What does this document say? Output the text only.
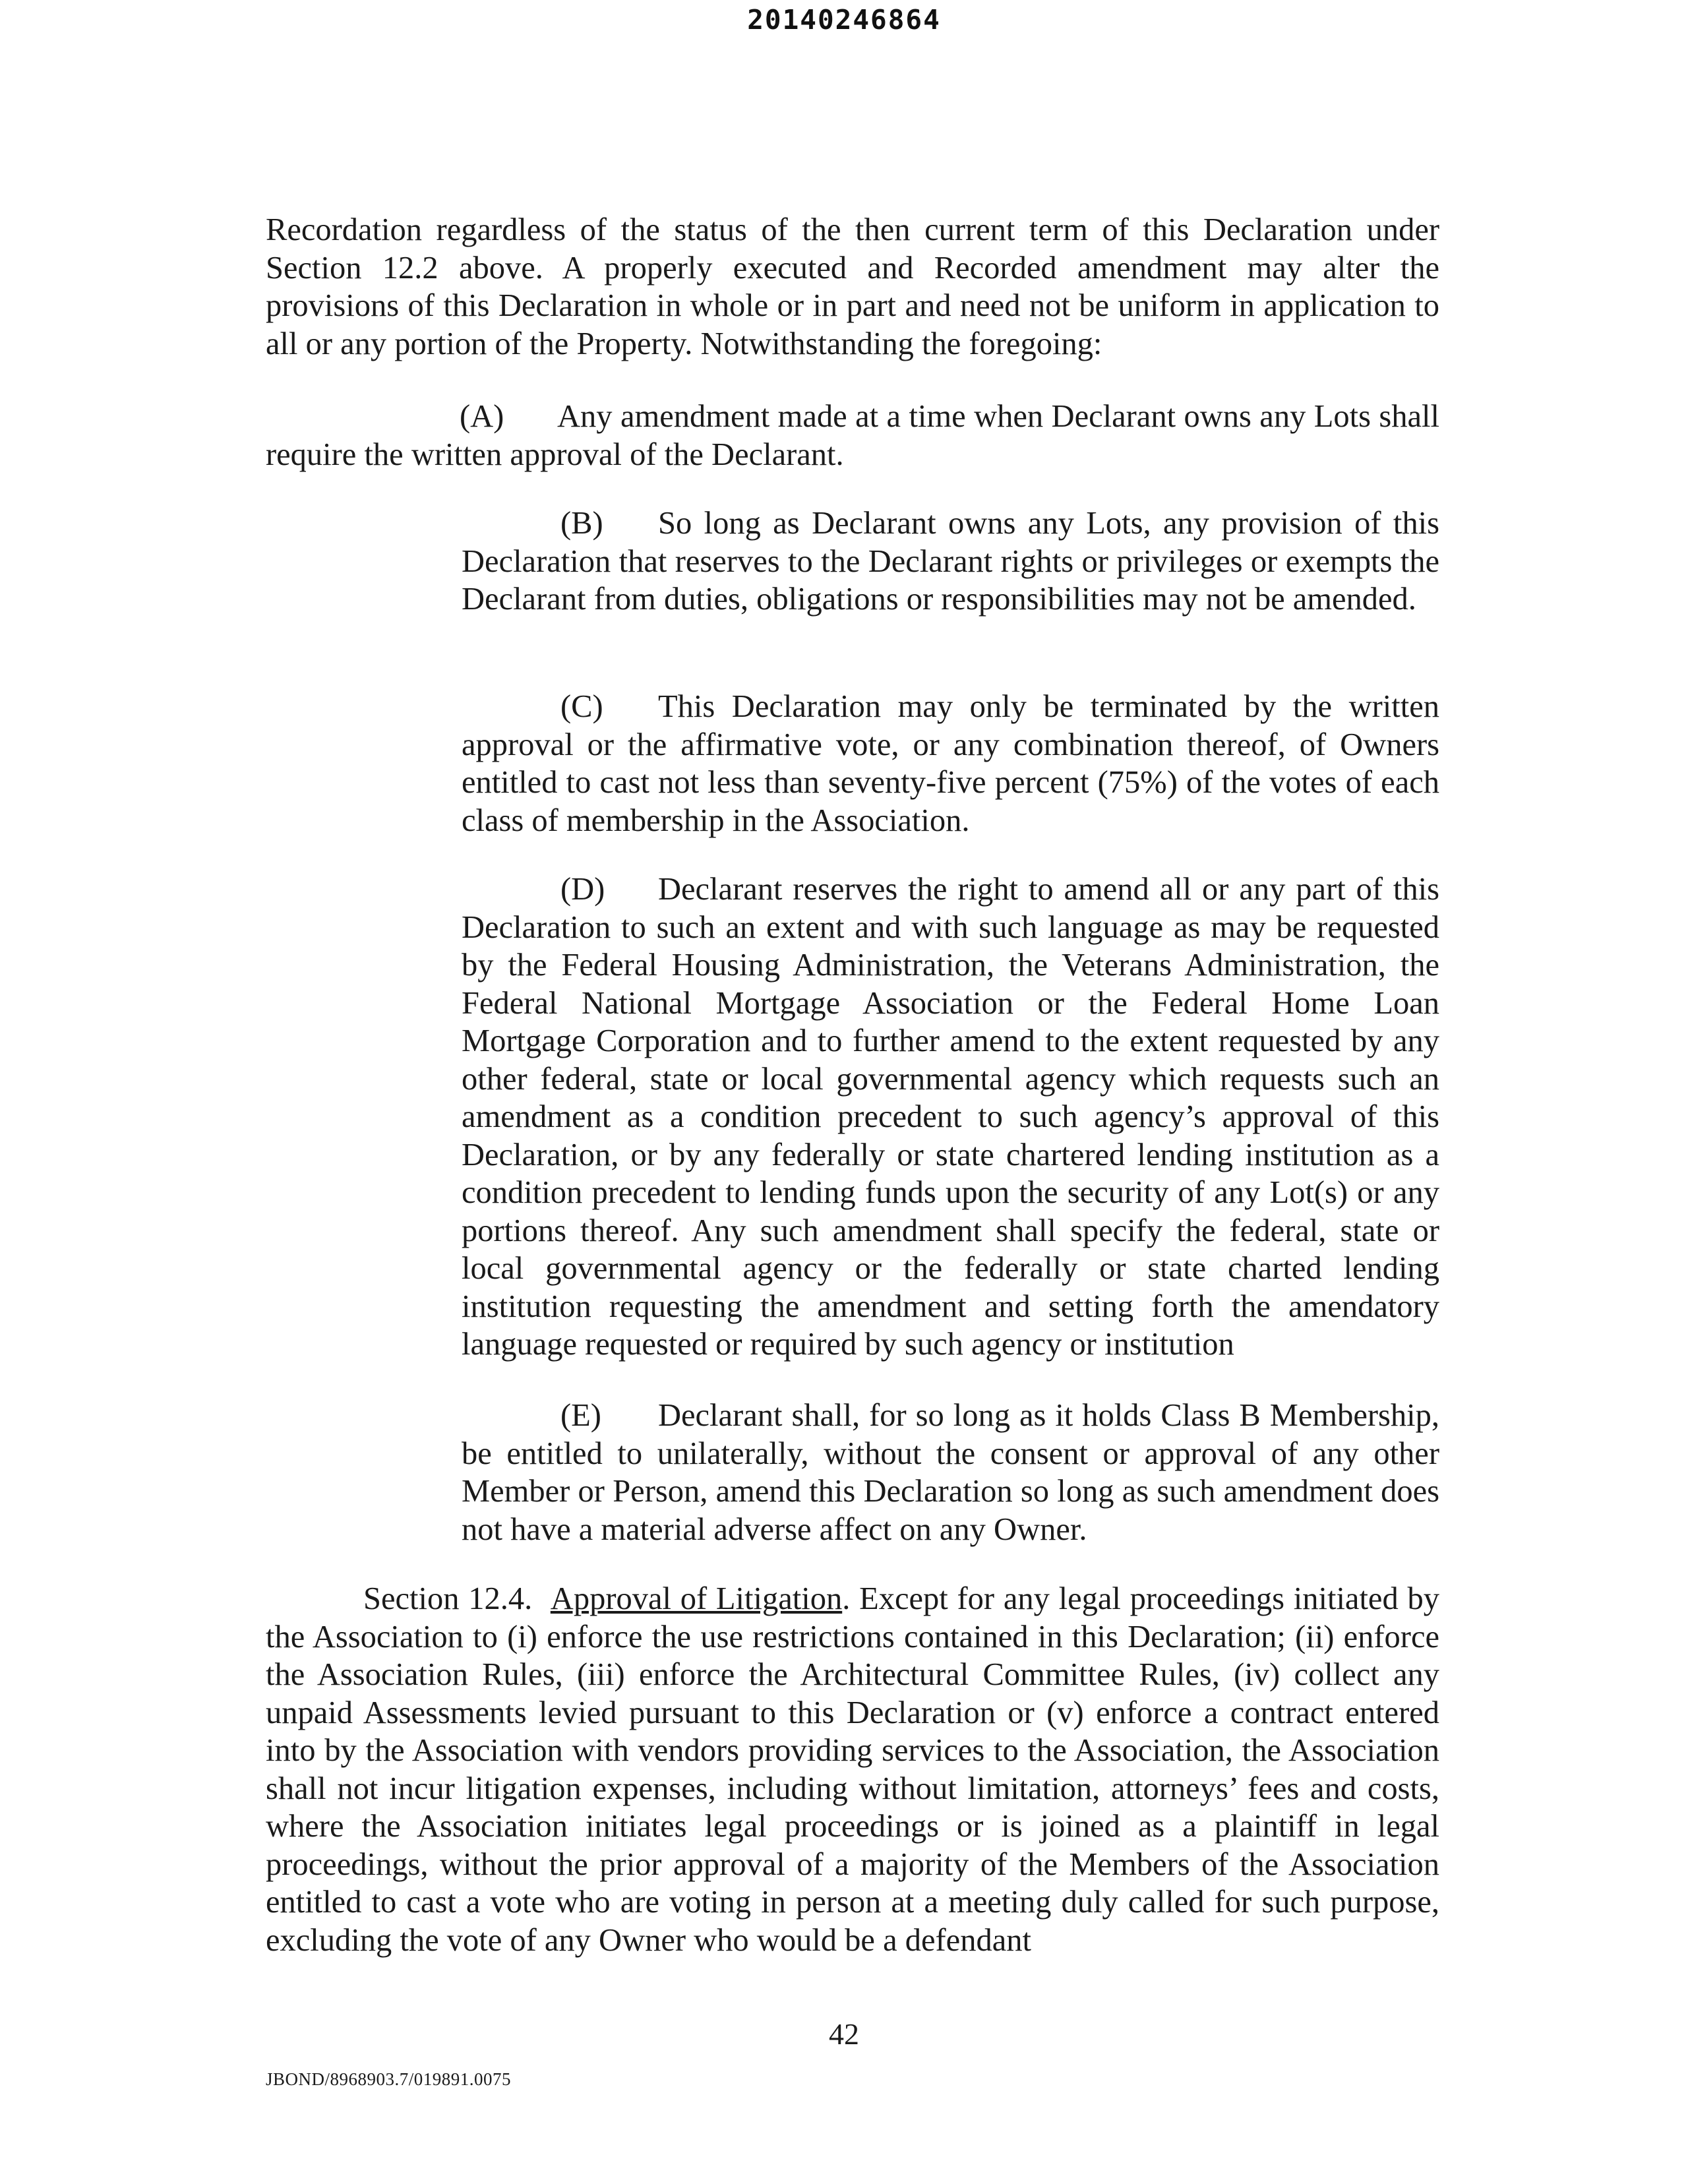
20140246864
Recordation regardless of the status of the then current term of this Declaration under Section 12.2 above. A properly executed and Recorded amendment may alter the provisions of this Declaration in whole or in part and need not be uniform in application to all or any portion of the Property. Notwithstanding the foregoing:
(A) Any amendment made at a time when Declarant owns any Lots shall require the written approval of the Declarant.
(B) So long as Declarant owns any Lots, any provision of this Declaration that reserves to the Declarant rights or privileges or exempts the Declarant from duties, obligations or responsibilities may not be amended.
(C) This Declaration may only be terminated by the written approval or the affirmative vote, or any combination thereof, of Owners entitled to cast not less than seventy-five percent (75%) of the votes of each class of membership in the Association.
(D) Declarant reserves the right to amend all or any part of this Declaration to such an extent and with such language as may be requested by the Federal Housing Administration, the Veterans Administration, the Federal National Mortgage Association or the Federal Home Loan Mortgage Corporation and to further amend to the extent requested by any other federal, state or local governmental agency which requests such an amendment as a condition precedent to such agency’s approval of this Declaration, or by any federally or state chartered lending institution as a condition precedent to lending funds upon the security of any Lot(s) or any portions thereof. Any such amendment shall specify the federal, state or local governmental agency or the federally or state charted lending institution requesting the amendment and setting forth the amendatory language requested or required by such agency or institution
(E) Declarant shall, for so long as it holds Class B Membership, be entitled to unilaterally, without the consent or approval of any other Member or Person, amend this Declaration so long as such amendment does not have a material adverse affect on any Owner.
Section 12.4. Approval of Litigation. Except for any legal proceedings initiated by the Association to (i) enforce the use restrictions contained in this Declaration; (ii) enforce the Association Rules, (iii) enforce the Architectural Committee Rules, (iv) collect any unpaid Assessments levied pursuant to this Declaration or (v) enforce a contract entered into by the Association with vendors providing services to the Association, the Association shall not incur litigation expenses, including without limitation, attorneys’ fees and costs, where the Association initiates legal proceedings or is joined as a plaintiff in legal proceedings, without the prior approval of a majority of the Members of the Association entitled to cast a vote who are voting in person at a meeting duly called for such purpose, excluding the vote of any Owner who would be a defendant
42
JBOND/8968903.7/019891.0075
